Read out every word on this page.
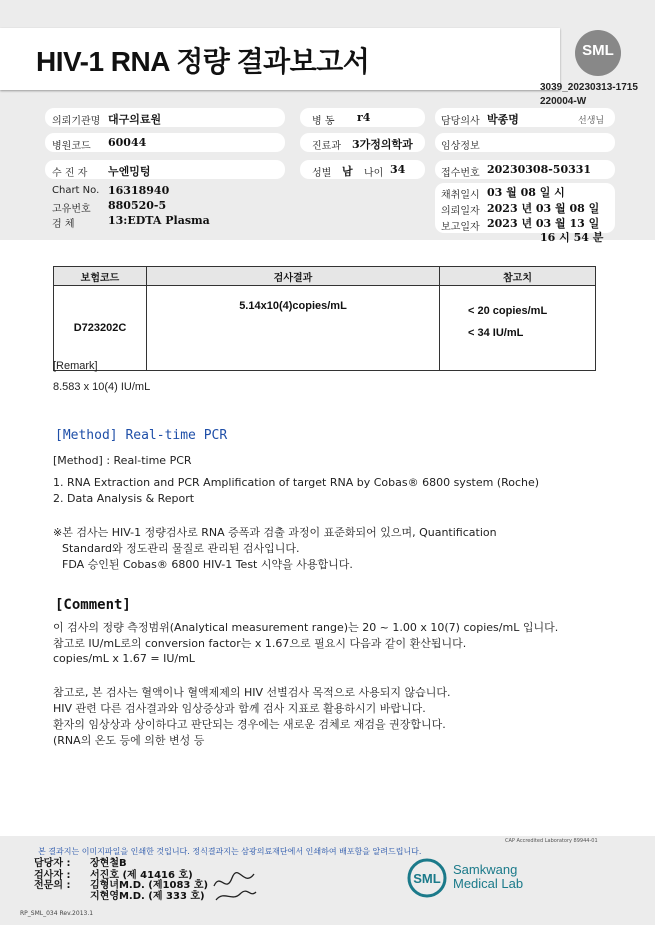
HIV-1 RNA 정량 결과보고서	SML
3039_20230313-1715
220004-W
의뢰기관명 대구의료원	병 동 r4	담당의사 박종명	선생님
병원코드 60044	진료과 3가정의학과	임상정보
수 진 자 누엔밍텅	성별 남 나이 34	접수번호 20230308-50331
Chart No. 16318940
고유번호 880520-5
검 체	13:EDTA Plasma
채취일시 03 월 08 일 시
의뢰일자 2023 년 03 월 08 일
보고일자 2023 년 03 월 13 일
16 시 54 분
보험코드	검사결과	참고치
D723202C	5.14x10(4)copies/mL	< 20 copies/mL
< 34 IU/mL
[Remark]
8.583 x 10(4) IU/mL
[Method] Real-time PCR
[Method] : Real-time PCR
1. RNA Extraction and PCR Amplification of target RNA by Cobas® 6800 system (Roche)
2. Data Analysis & Report
※본 검사는 HIV-1 정량검사로 RNA 증폭과 검출 과정이 표준화되어 있으며, Quantification
Standard와 정도관리 물질로 관리된 검사입니다.
FDA 승인된 Cobas® 6800 HIV-1 Test 시약을 사용합니다.
[Comment]
이 검사의 정량 측정범위(Analytical measurement range)는 20 ~ 1.00 x 10(7) copies/mL 입니다.
참고로 IU/mL로의 conversion factor는 x 1.67으로 필요시 다음과 같이 환산됩니다.
copies/mL x 1.67 = IU/mL
참고로, 본 검사는 혈액이나 혈액제제의 HIV 선별검사 목적으로 사용되지 않습니다.
HIV 관련 다른 검사결과와 임상증상과 함께 검사 지표로 활용하시기 바랍니다.
환자의 임상상과 상이하다고 판단되는 경우에는 새로운 검체로 재검을 권장합니다.
(RNA의 온도 등에 의한 변성 등
CAP Accredited Laboratory 89944-01
본 결과지는 이미지파일을 인쇄한 것입니다. 정식결과지는 삼광의료재단에서 인쇄하여 배포함을 알려드립니다.
담당자 : 장현철B
검사자 : 서진호 (제 41416 호)
전문의 : 김형녀M.D. (제1083 호)
지현영M.D. (제 333 호)
SML
Samkwang
Medical Lab
RP_SML_034 Rev.2013.1
